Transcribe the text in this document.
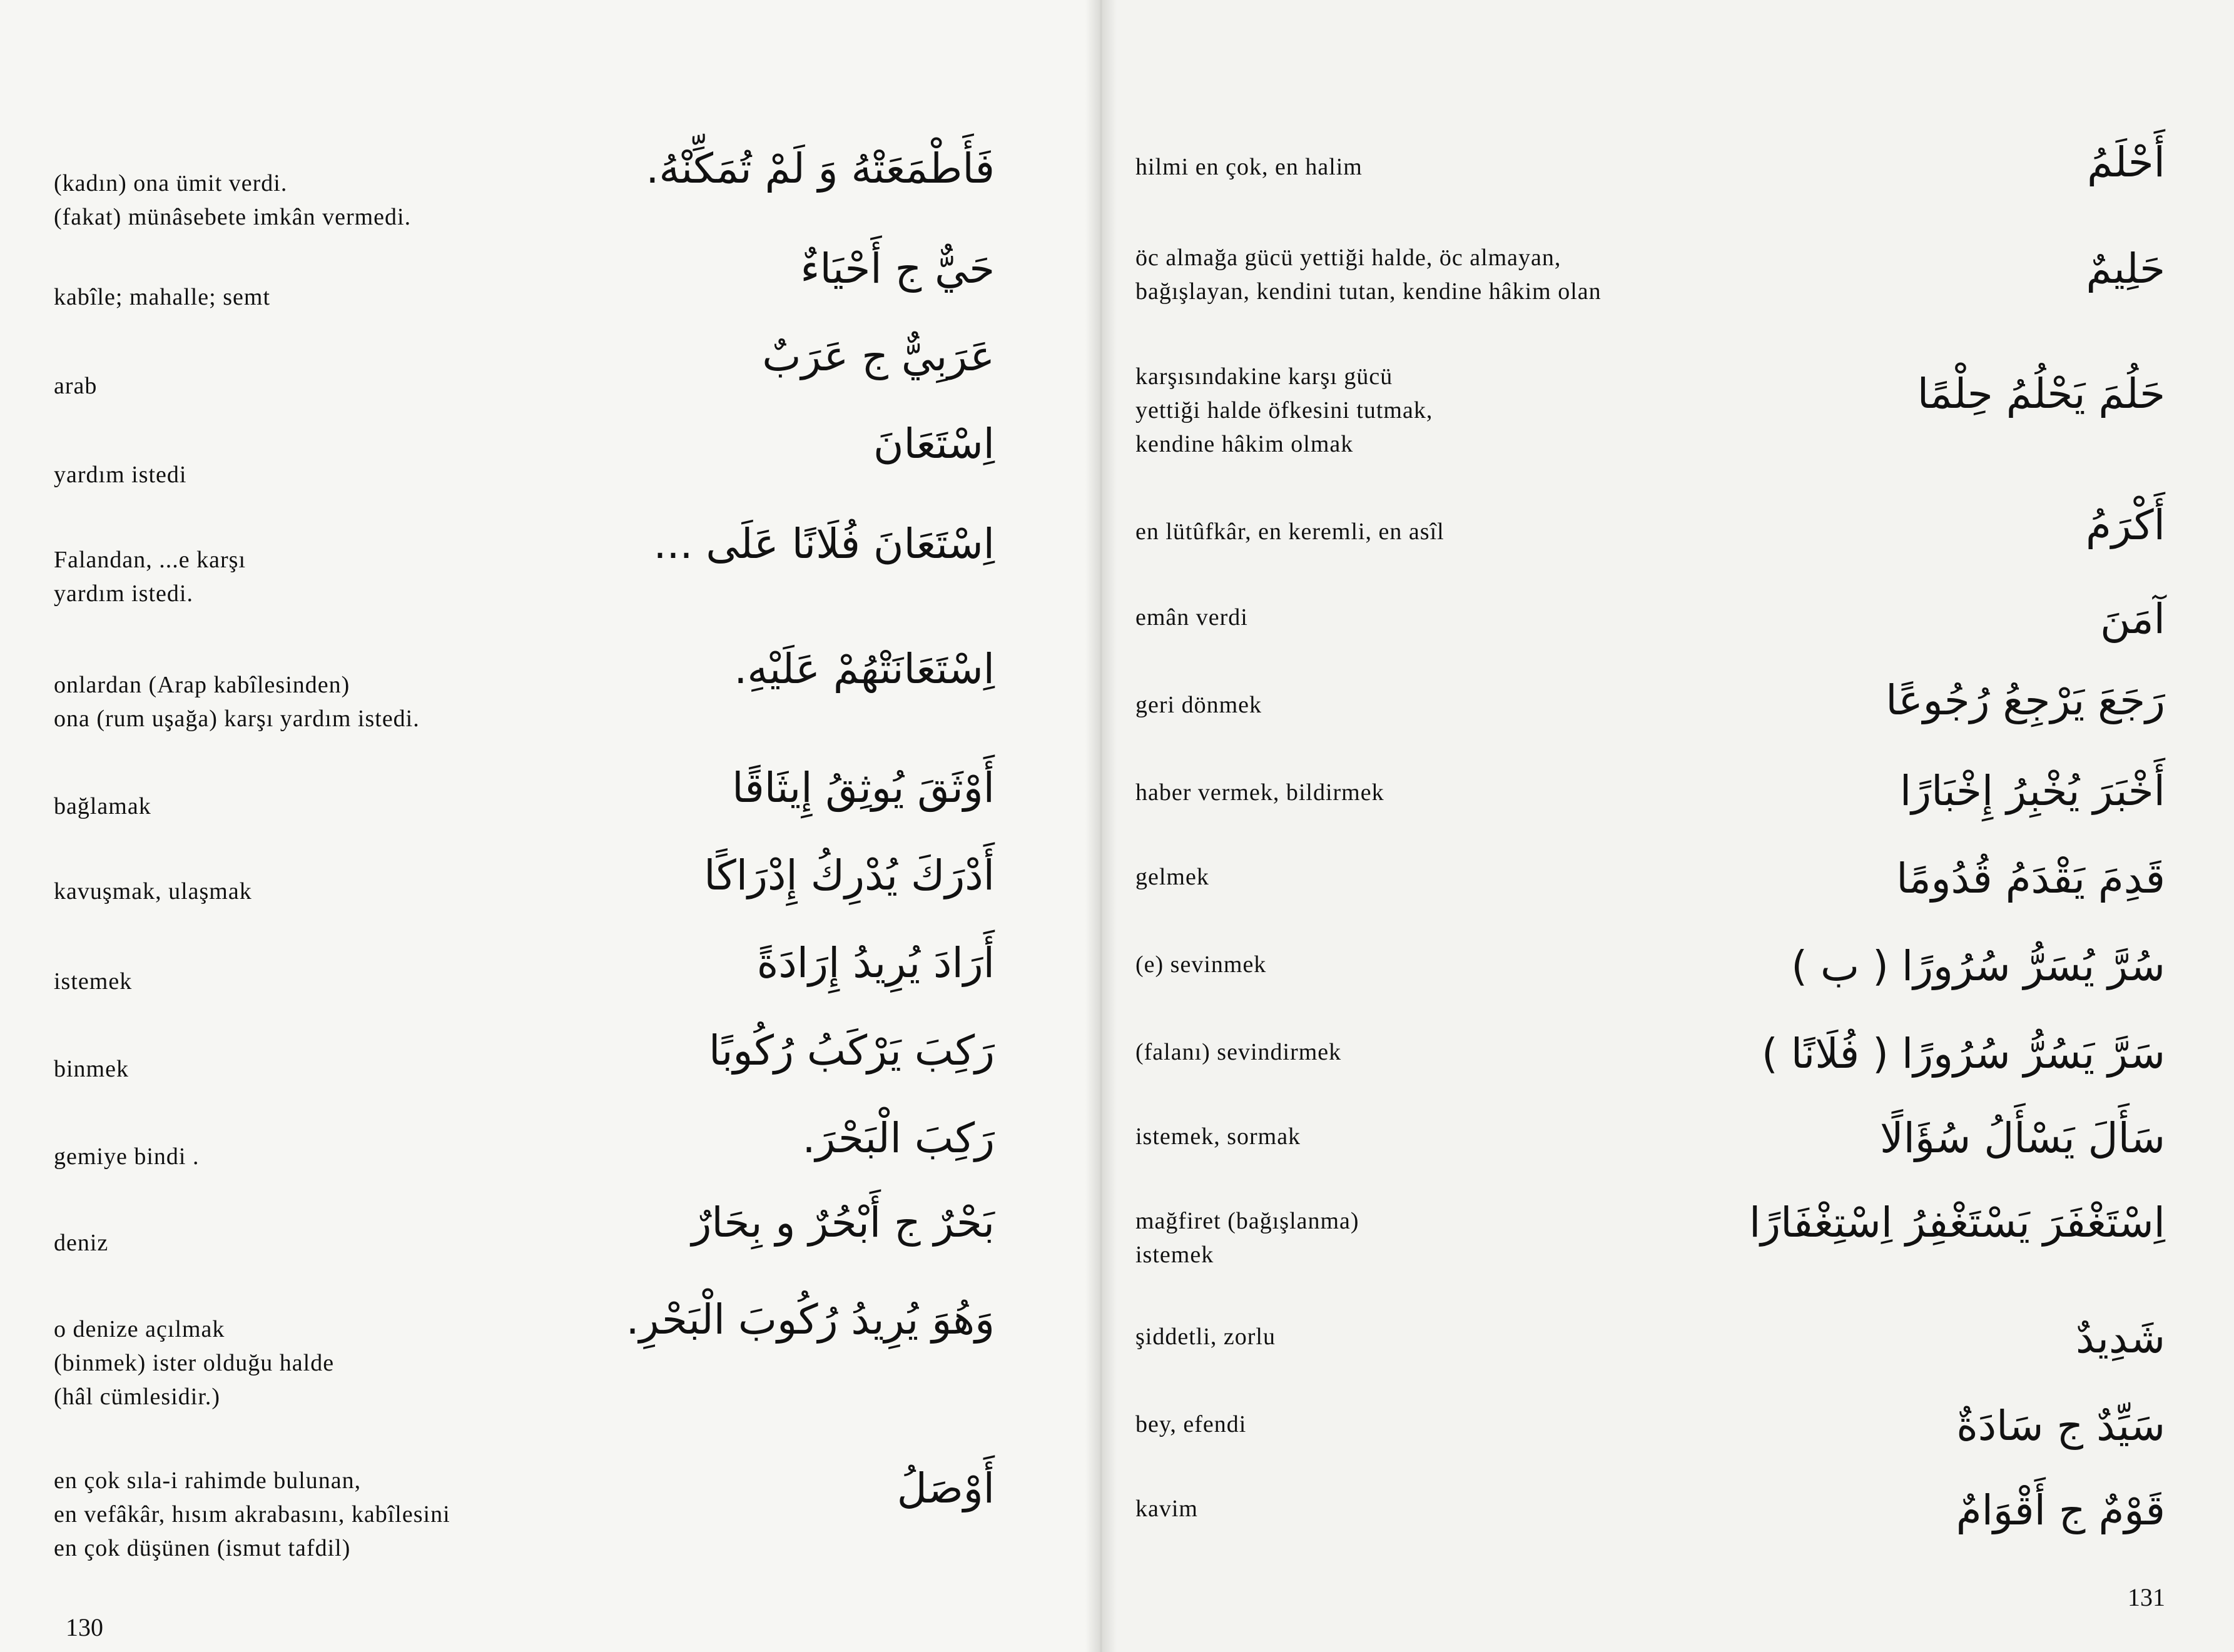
فَأَطْمَعَتْهُ وَ لَمْ تُمَكِّنْهُ.
(kadın) ona ümit verdi.
(fakat) münâsebete imkân vermedi.
حَيٌّ ج أَحْيَاءٌ
kabîle; mahalle; semt
عَرَبِيٌّ ج عَرَبٌ
arab
اِسْتَعَانَ
yardım istedi
اِسْتَعَانَ فُلَانًا عَلَى ...
Falandan, ...e karşı
yardım istedi.
اِسْتَعَانَتْهُمْ عَلَيْهِ.
onlardan (Arap kabîlesinden)
ona (rum uşağa) karşı yardım istedi.
أَوْثَقَ يُوثِقُ إِيثَاقًا
bağlamak
أَدْرَكَ يُدْرِكُ إِدْرَاكًا
kavuşmak, ulaşmak
أَرَادَ يُرِيدُ إِرَادَةً
istemek
رَكِبَ يَرْكَبُ رُكُوبًا
binmek
رَكِبَ الْبَحْرَ.
gemiye bindi .
بَحْرٌ ج أَبْحُرٌ و بِحَارٌ
deniz
وَهُوَ يُرِيدُ رُكُوبَ الْبَحْرِ.
o denize açılmak
(binmek) ister olduğu halde
(hâl cümlesidir.)
أَوْصَلُ
en çok sıla-i rahimde bulunan,
en vefâkâr, hısım akrabasını, kabîlesini
en çok düşünen (ismut tafdil)
130
أَحْلَمُ
hilmi en çok, en halim
حَلِيمٌ
öc almağa gücü yettiği halde, öc almayan,
bağışlayan, kendini tutan, kendine hâkim olan
حَلُمَ يَحْلُمُ حِلْمًا
karşısındakine karşı gücü
yettiği halde öfkesini tutmak,
kendine hâkim olmak
أَكْرَمُ
en lütûfkâr, en keremli, en asîl
آمَنَ
emân verdi
رَجَعَ يَرْجِعُ رُجُوعًا
geri dönmek
أَخْبَرَ يُخْبِرُ إِخْبَارًا
haber vermek, bildirmek
قَدِمَ يَقْدَمُ قُدُومًا
gelmek
سُرَّ يُسَرُّ سُرُورًا ( ب )
(e) sevinmek
سَرَّ يَسُرُّ سُرُورًا ( فُلَانًا )
(falanı) sevindirmek
سَأَلَ يَسْأَلُ سُؤَالًا
istemek, sormak
اِسْتَغْفَرَ يَسْتَغْفِرُ اِسْتِغْفَارًا
mağfiret (bağışlanma)
istemek
شَدِيدٌ
şiddetli, zorlu
سَيِّدٌ ج سَادَةٌ
bey, efendi
قَوْمٌ ج أَقْوَامٌ
kavim
131
